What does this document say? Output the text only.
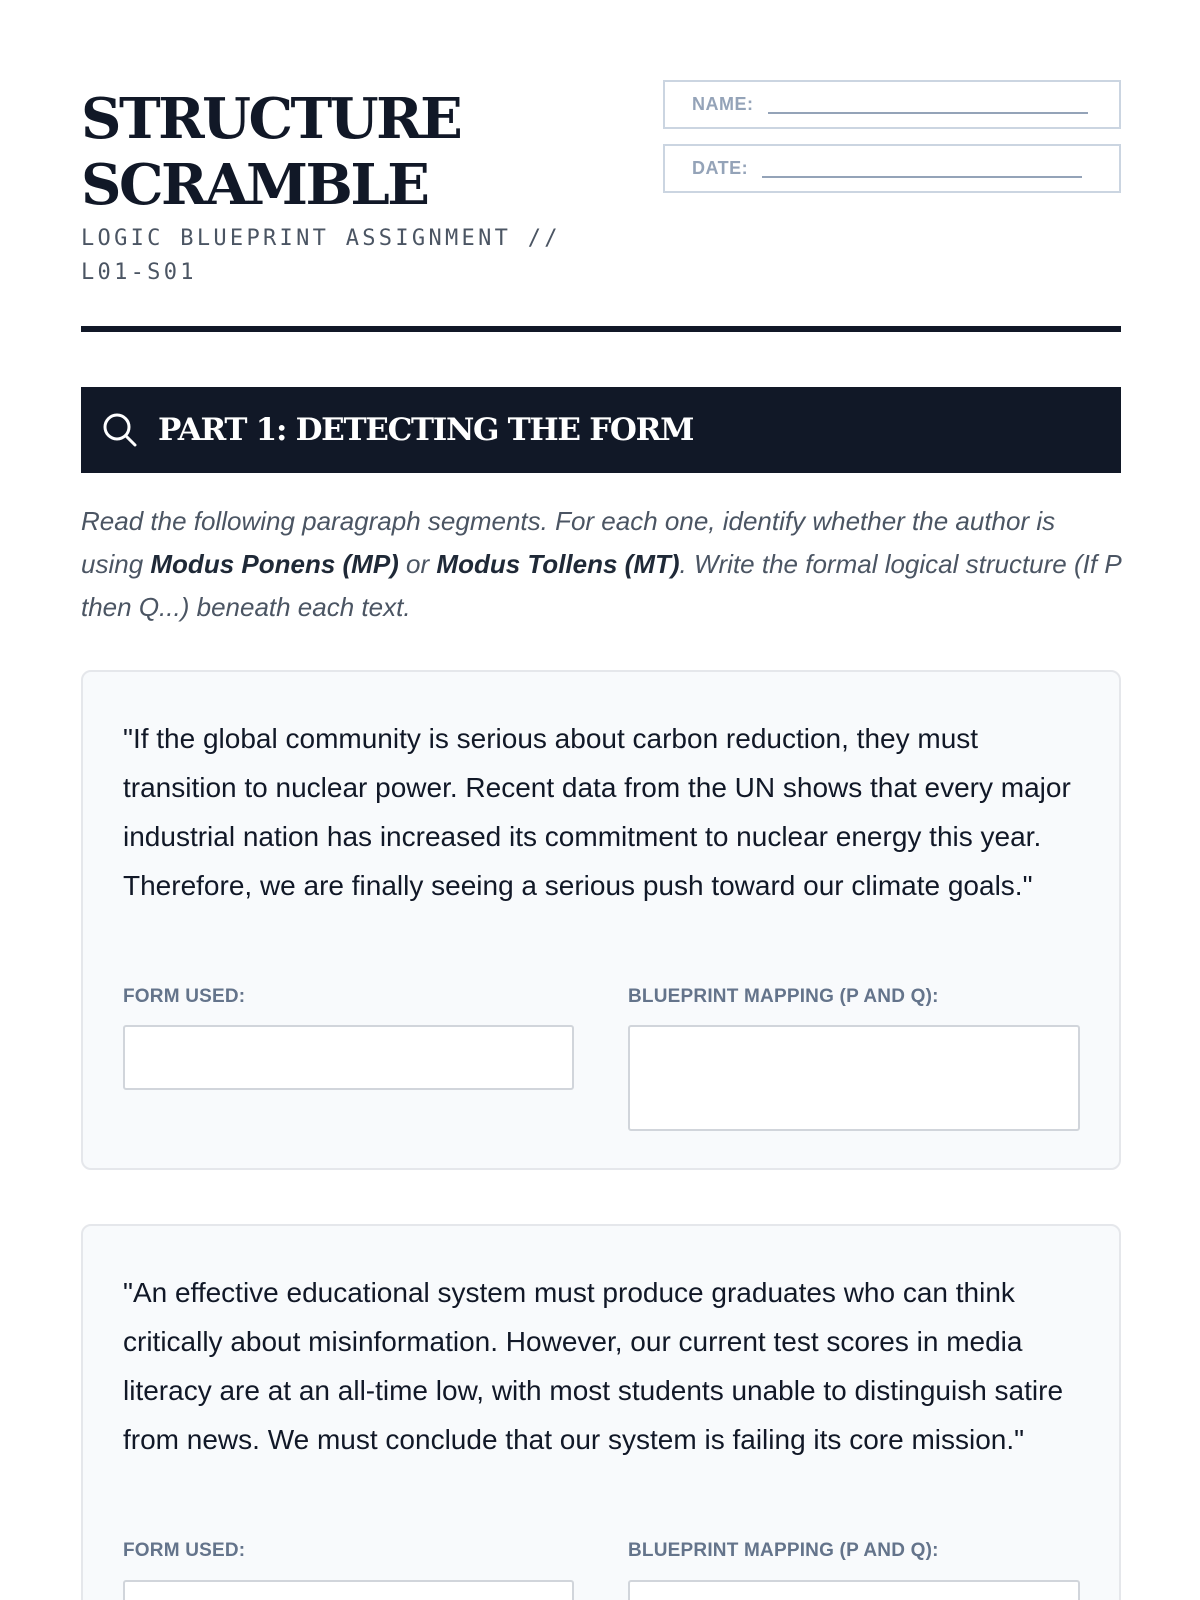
STRUCTURE
SCRAMBLE
LOGIC BLUEPRINT ASSIGNMENT // L01-S01
NAME:
DATE:
PART 1: DETECTING THE FORM

Read the following paragraph segments. For each one, identify whether the author is using Modus Ponens (MP) or Modus Tollens (MT). Write the formal logical structure (If P then Q...) beneath each text.

"If the global community is serious about carbon reduction, they must transition to nuclear power. Recent data from the UN shows that every major industrial nation has increased its commitment to nuclear energy this year. Therefore, we are finally seeing a serious push toward our climate goals."

FORM USED:	BLUEPRINT MAPPING (P AND Q):

"An effective educational system must produce graduates who can think critically about misinformation. However, our current test scores in media literacy are at an all-time low, with most students unable to distinguish satire from news. We must conclude that our system is failing its core mission."

FORM USED:	BLUEPRINT MAPPING (P AND Q):
